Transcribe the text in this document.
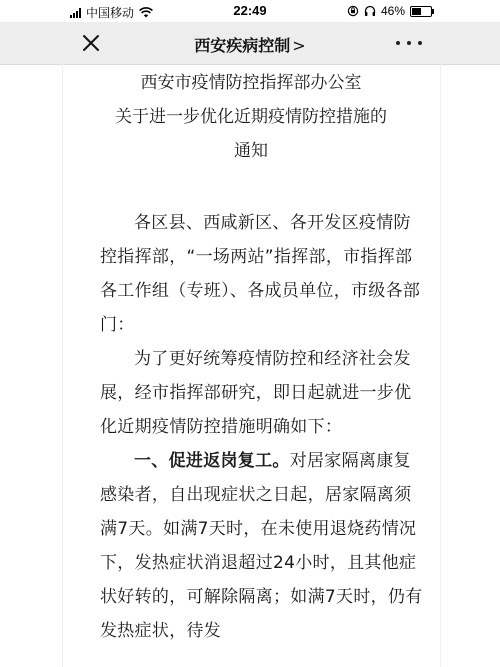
中国移动	22:49	46%
西安疾病控制 >
西安市疫情防控指挥部办公室
关于进一步优化近期疫情防控措施的
通知

各区县、西咸新区、各开发区疫情防控指挥部，“一场两站”指挥部，市指挥部各工作组（专班）、各成员单位，市级各部门：

为了更好统筹疫情防控和经济社会发展，经市指挥部研究，即日起就进一步优化近期疫情防控措施明确如下：

一、促进返岗复工。对居家隔离康复感染者，自出现症状之日起，居家隔离须满7天。如满7天时，在未使用退烧药情况下，发热症状消退超过24小时，且其他症状好转的，可解除隔离；如满7天时，仍有发热症状，待发
